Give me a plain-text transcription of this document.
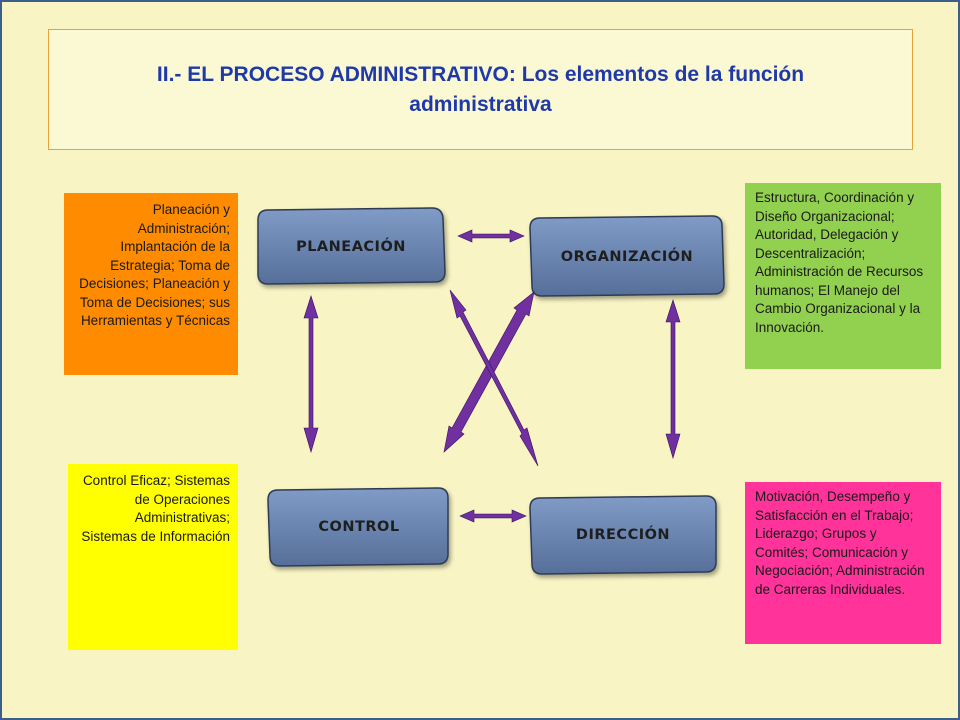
II.- EL PROCESO ADMINISTRATIVO: Los elementos de la función administrativa
Planeación y Administración; Implantación de la Estrategia; Toma de Decisiones; Planeación y Toma de Decisiones; sus Herramientas y Técnicas
Control Eficaz; Sistemas de Operaciones Administrativas; Sistemas de Información
Estructura, Coordinación y Diseño Organizacional; Autoridad, Delegación y Descentralización; Administración de Recursos humanos; El Manejo del Cambio Organizacional y la Innovación.
Motivación, Desempeño y Satisfacción en el Trabajo; Liderazgo; Grupos y Comités; Comunicación y Negociación; Administración de Carreras Individuales.
PLANEACIÓN
ORGANIZACIÓN
CONTROL	DIRECCIÓN
